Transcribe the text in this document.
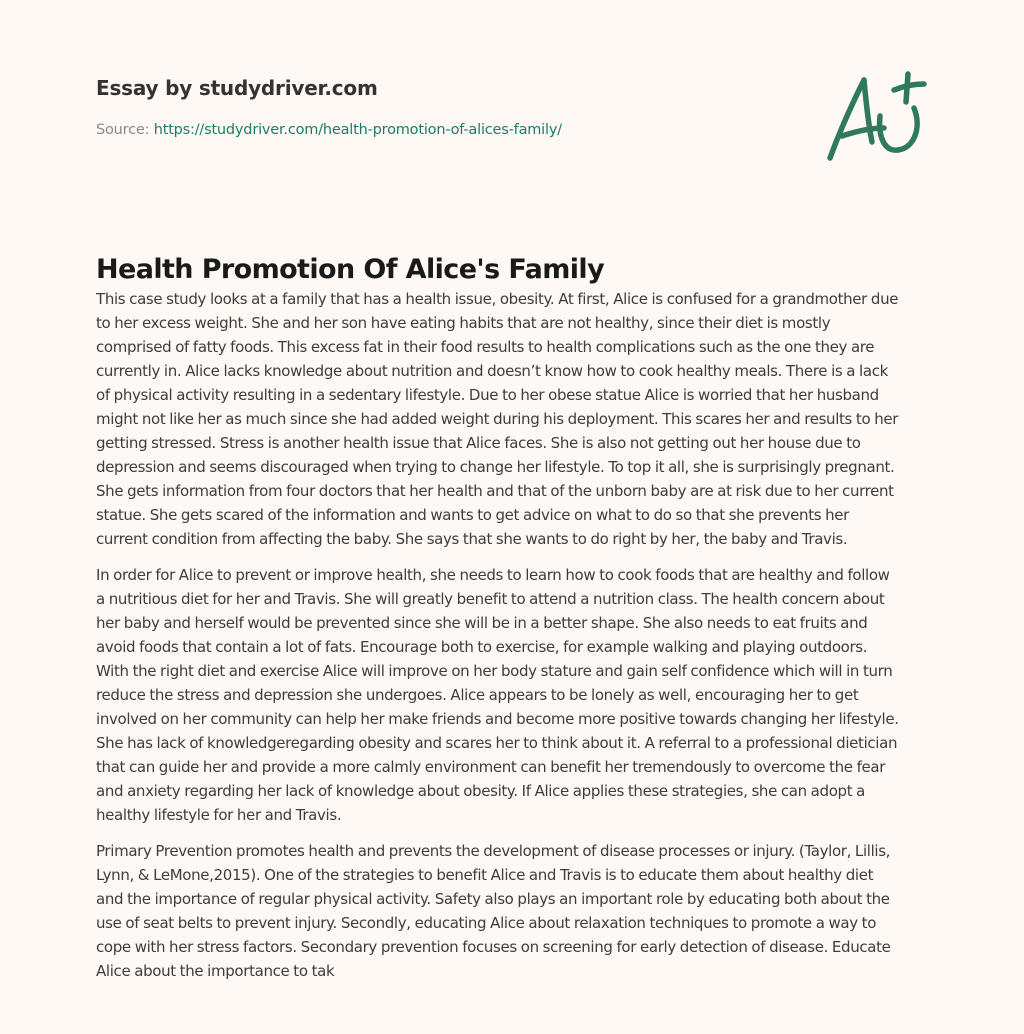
Essay by studydriver.com
Source: https://studydriver.com/health-promotion-of-alices-family/
Health Promotion Of Alice's Family

This case study looks at a family that has a health issue, obesity. At first, Alice is confused for a grandmother due
to her excess weight. She and her son have eating habits that are not healthy, since their diet is mostly
comprised of fatty foods. This excess fat in their food results to health complications such as the one they are
currently in. Alice lacks knowledge about nutrition and doesn’t know how to cook healthy meals. There is a lack
of physical activity resulting in a sedentary lifestyle. Due to her obese statue Alice is worried that her husband
might not like her as much since she had added weight during his deployment. This scares her and results to her
getting stressed. Stress is another health issue that Alice faces. She is also not getting out her house due to
depression and seems discouraged when trying to change her lifestyle. To top it all, she is surprisingly pregnant.
She gets information from four doctors that her health and that of the unborn baby are at risk due to her current
statue. She gets scared of the information and wants to get advice on what to do so that she prevents her
current condition from affecting the baby. She says that she wants to do right by her, the baby and Travis.

In order for Alice to prevent or improve health, she needs to learn how to cook foods that are healthy and follow
a nutritious diet for her and Travis. She will greatly benefit to attend a nutrition class. The health concern about
her baby and herself would be prevented since she will be in a better shape. She also needs to eat fruits and
avoid foods that contain a lot of fats. Encourage both to exercise, for example walking and playing outdoors.
With the right diet and exercise Alice will improve on her body stature and gain self confidence which will in turn
reduce the stress and depression she undergoes. Alice appears to be lonely as well, encouraging her to get
involved on her community can help her make friends and become more positive towards changing her lifestyle.
She has lack of knowledgeregarding obesity and scares her to think about it. A referral to a professional dietician
that can guide her and provide a more calmly environment can benefit her tremendously to overcome the fear
and anxiety regarding her lack of knowledge about obesity. If Alice applies these strategies, she can adopt a
healthy lifestyle for her and Travis.

Primary Prevention promotes health and prevents the development of disease processes or injury. (Taylor, Lillis,
Lynn, & LeMone,2015). One of the strategies to benefit Alice and Travis is to educate them about healthy diet
and the importance of regular physical activity. Safety also plays an important role by educating both about the
use of seat belts to prevent injury. Secondly, educating Alice about relaxation techniques to promote a way to
cope with her stress factors. Secondary prevention focuses on screening for early detection of disease. Educate
Alice about the importance to tak
